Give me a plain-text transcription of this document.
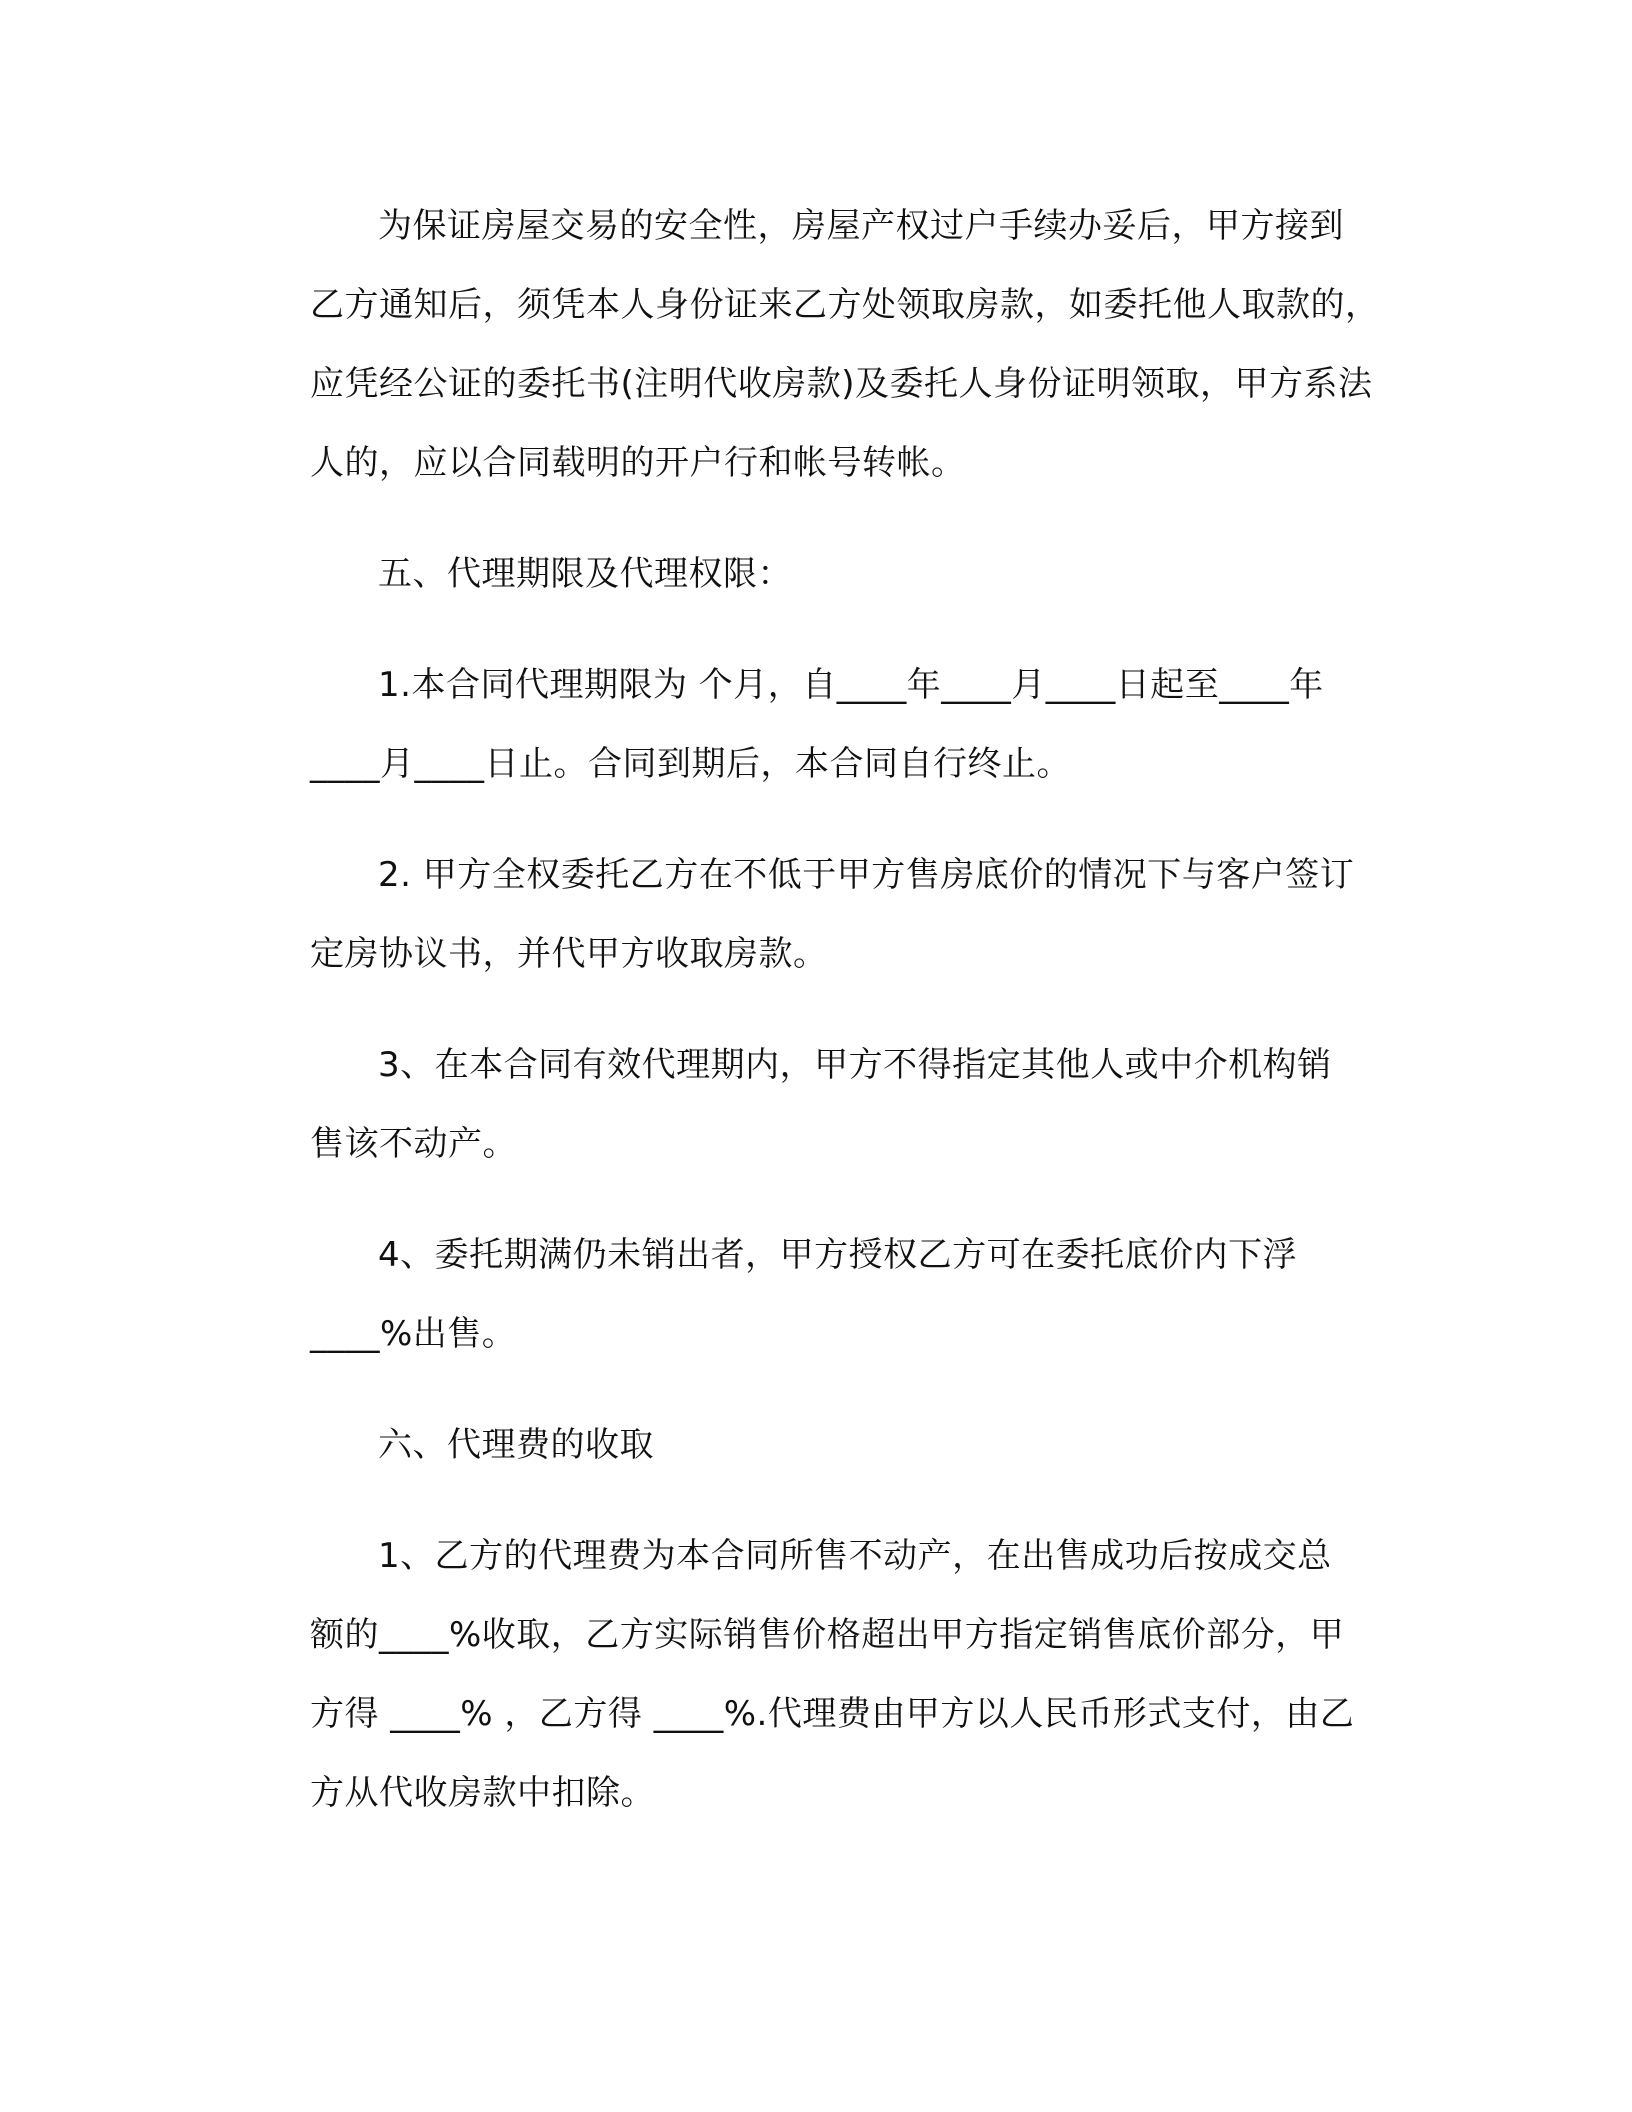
为保证房屋交易的安全性，房屋产权过户手续办妥后，甲方接到
乙方通知后，须凭本人身份证来乙方处领取房款，如委托他人取款的，
应凭经公证的委托书(注明代收房款)及委托人身份证明领取，甲方系法
人的，应以合同载明的开户行和帐号转帐。

五、代理期限及代理权限：

1.本合同代理期限为 个月，自____年____月____日起至____年
____月____日止。合同到期后，本合同自行终止。

2. 甲方全权委托乙方在不低于甲方售房底价的情况下与客户签订
定房协议书，并代甲方收取房款。

3、在本合同有效代理期内，甲方不得指定其他人或中介机构销
售该不动产。

4、委托期满仍未销出者，甲方授权乙方可在委托底价内下浮
____%出售。

六、代理费的收取

1、乙方的代理费为本合同所售不动产，在出售成功后按成交总
额的____%收取，乙方实际销售价格超出甲方指定销售底价部分，甲
方得 ____% ，乙方得 ____%.代理费由甲方以人民币形式支付，由乙
方从代收房款中扣除。
